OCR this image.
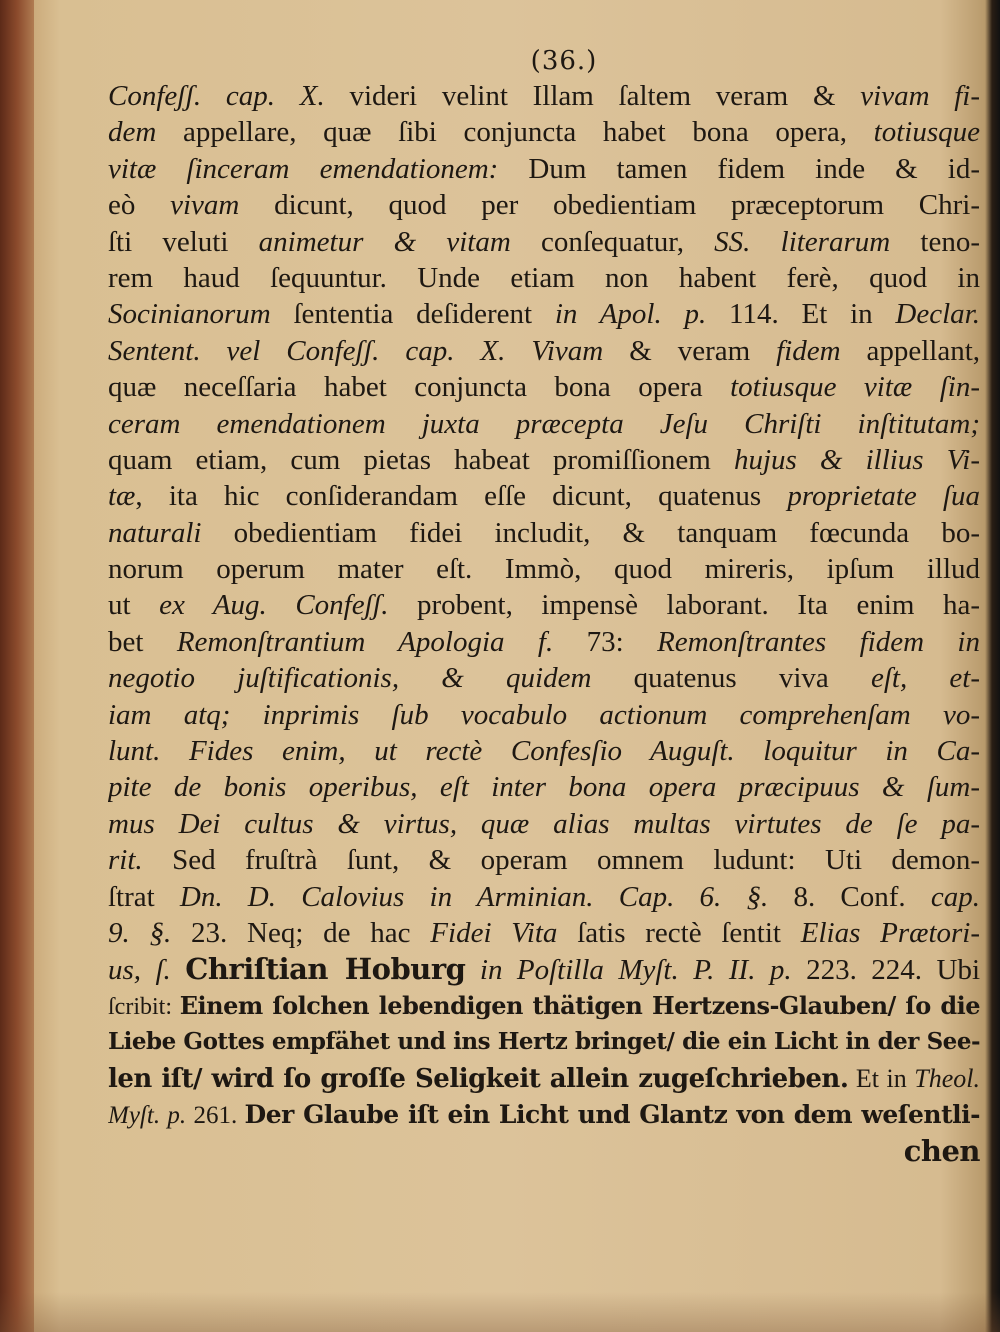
(36.)
Confeʃʃ. cap. X. videri velint Illam ſaltem veram & vivam fi-
dem appellare, quæ ſibi conjuncta habet bona opera, totiusque
vitæ ſinceram emendationem: Dum tamen fidem inde & id-
eò vivam dicunt, quod per obedientiam præceptorum Chri-
ſti veluti animetur & vitam conſequatur, SS. literarum teno-
rem haud ſequuntur. Unde etiam non habent ferè, quod in
Socinianorum ſententia deſiderent in Apol. p. 114. Et in Declar.
Sentent. vel Confeʃʃ. cap. X. Vivam & veram fidem appellant,
quæ neceſſaria habet conjuncta bona opera totiusque vitæ ſin-
ceram emendationem juxta præcepta Jeſu Chriſti inſtitutam;
quam etiam, cum pietas habeat promiſſionem hujus & illius Vi-
tæ, ita hic conſiderandam eſſe dicunt, quatenus proprietate ſua
naturali obedientiam fidei includit, & tanquam fœcunda bo-
norum operum mater eſt. Immò, quod mireris, ipſum illud
ut ex Aug. Confeʃʃ. probent, impensè laborant. Ita enim ha-
bet Remonſtrantium Apologia f. 73: Remonſtrantes fidem in
negotio juſtificationis, & quidem quatenus viva eſt, et-
iam atq; inprimis ſub vocabulo actionum comprehenſam vo-
lunt. Fides enim, ut rectè Confesſio Auguſt. loquitur in Ca-
pite de bonis operibus, eſt inter bona opera præcipuus & ſum-
mus Dei cultus & virtus, quæ alias multas virtutes de ſe pa-
rit. Sed fruſtrà ſunt, & operam omnem ludunt: Uti demon-
ſtrat Dn. D. Calovius in Arminian. Cap. 6. §. 8. Conf. cap.
9. §. 23. Neq; de hac Fidei Vita ſatis rectè ſentit Elias Prætori-
us, ſ. Chriſtian Hoburg in Poſtilla Myſt. P. II. p. 223. 224. Ubi
ſcribit: Einem ſolchen lebendigen thätigen Hertzens-Glauben/ ſo die
Liebe Gottes empfähet und ins Hertz bringet/ die ein Licht in der See-
len iſt/ wird ſo groſſe Seligkeit allein zugeſchrieben. Et in Theol.
Myſt. p. 261. Der Glaube iſt ein Licht und Glantz von dem weſentli-
chen
